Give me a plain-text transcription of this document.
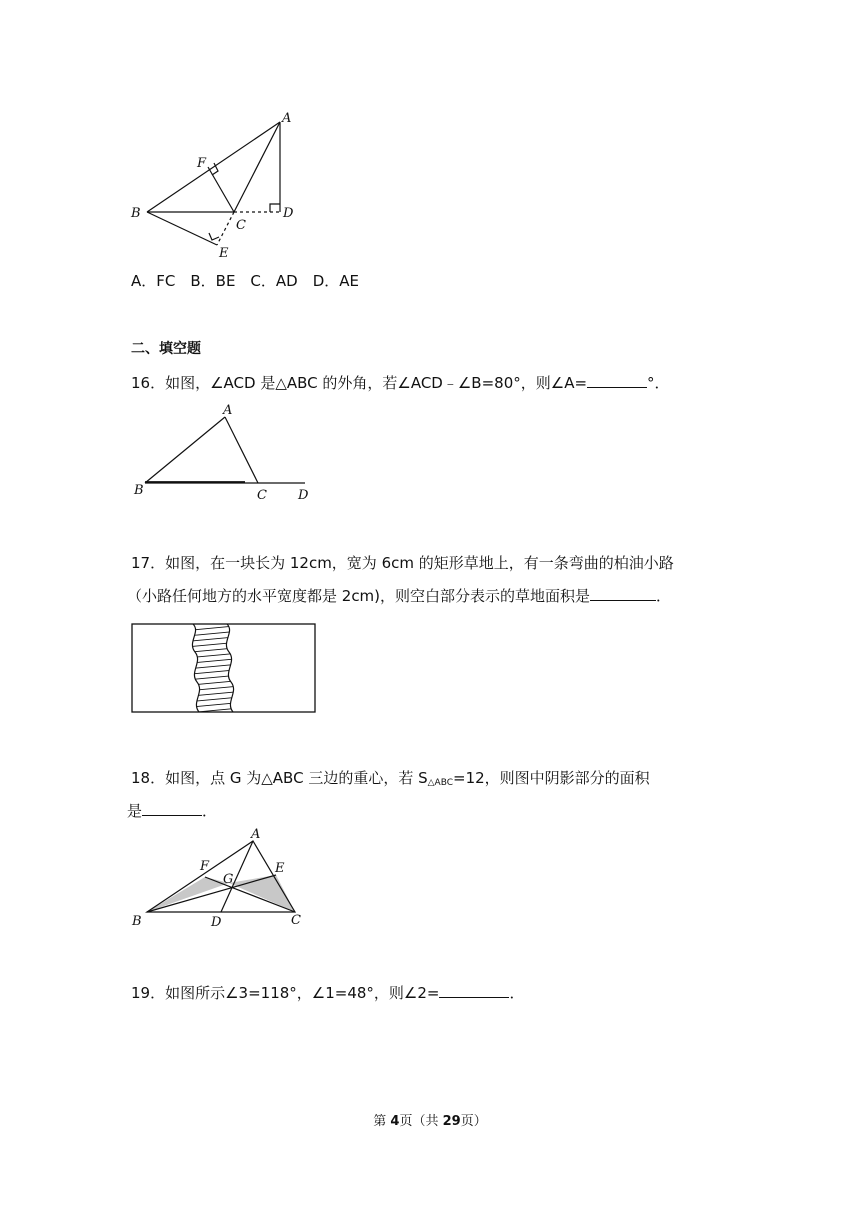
A
B
C
D
E
F
A．FC　B．BE　C．AD　D．AE
二、填空题
16．如图，∠ACD 是△ABC 的外角，若∠ACD﹣∠B=80°，则∠A=	°．
A
B	C D
17．如图，在一块长为 12cm，宽为 6cm 的矩形草地上，有一条弯曲的柏油小路
（小路任何地方的水平宽度都是 2cm)，则空白部分表示的草地面积是	．
18．如图，点 G 为△ABC 三边的重心，若 $S_{\triangle ABC}=12$，则图中阴影部分的面积
是	．
A
B	C
D
E
F
G
19．如图所示∠3=118°，∠1=48°，则∠2=	．
第 4页（共 29页）
